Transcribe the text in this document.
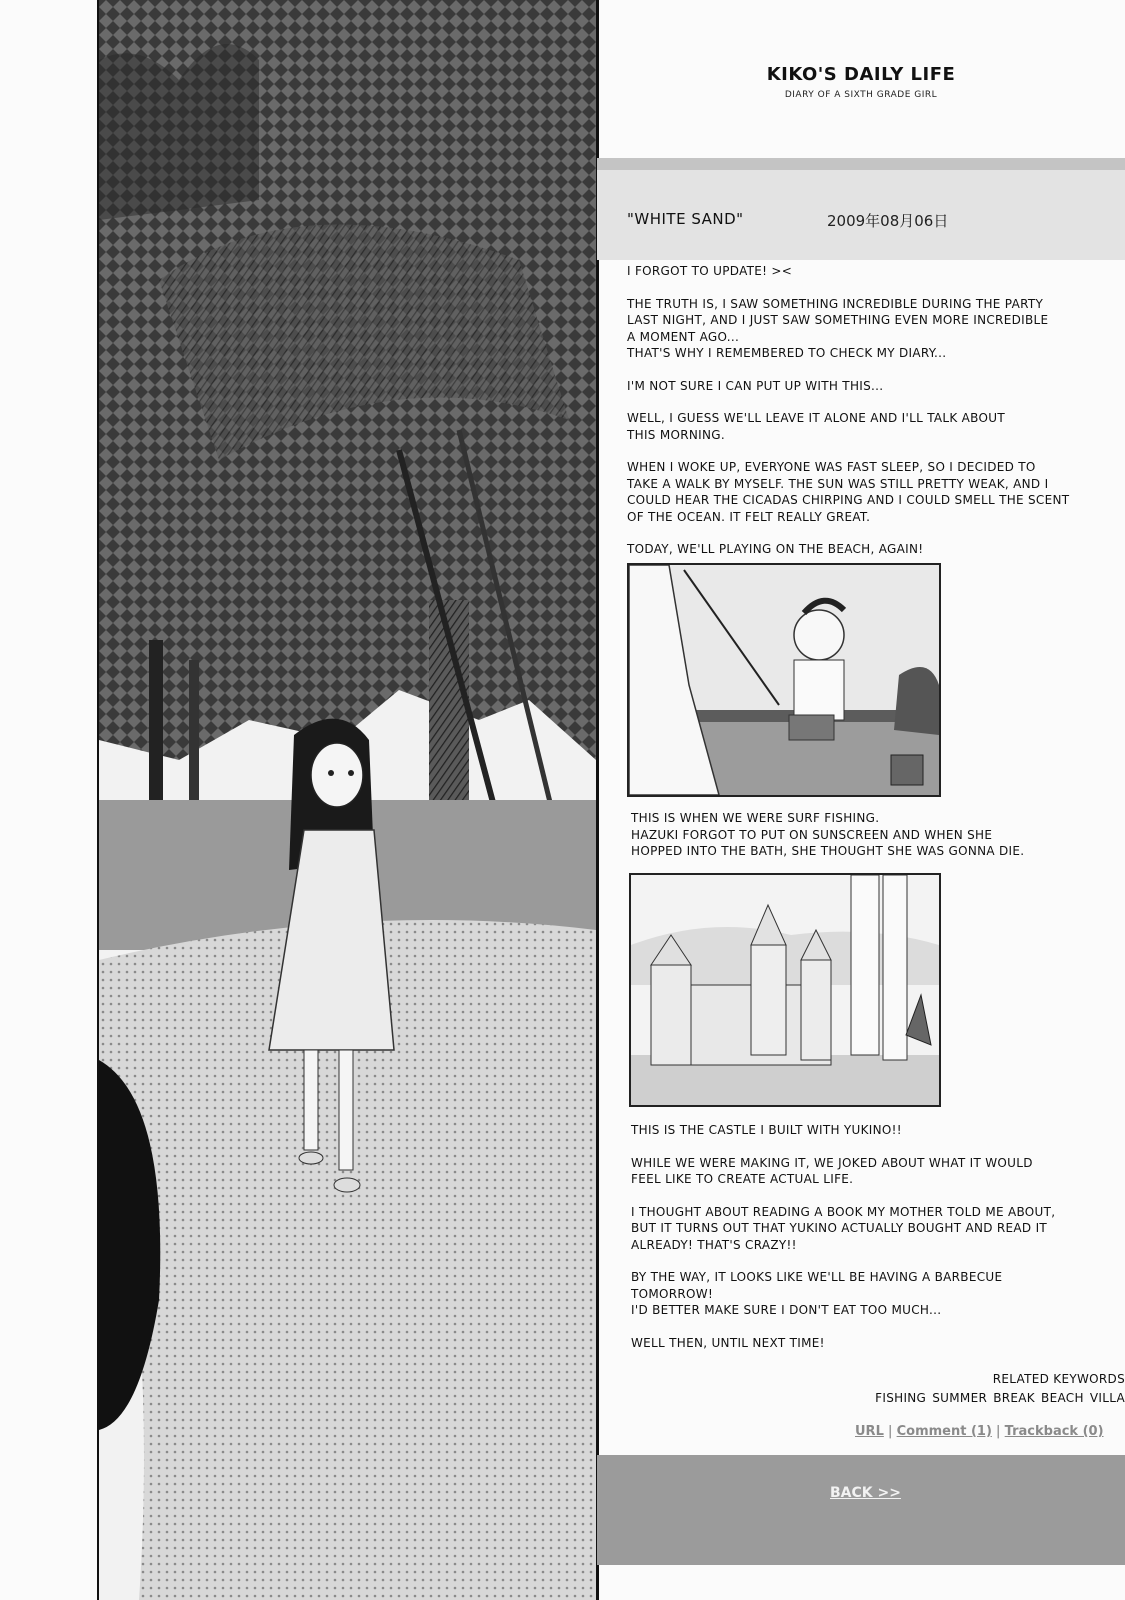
KIKO'S DAILY LIFE
DIARY OF A SIXTH GRADE GIRL
"WHITE SAND"	2009年08月06日

I FORGOT TO UPDATE! ><

THE TRUTH IS, I SAW SOMETHING INCREDIBLE DURING THE PARTY
LAST NIGHT, AND I JUST SAW SOMETHING EVEN MORE INCREDIBLE
A MOMENT AGO...
THAT'S WHY I REMEMBERED TO CHECK MY DIARY...

I'M NOT SURE I CAN PUT UP WITH THIS...

WELL, I GUESS WE'LL LEAVE IT ALONE AND I'LL TALK ABOUT
THIS MORNING.

WHEN I WOKE UP, EVERYONE WAS FAST SLEEP, SO I DECIDED TO
TAKE A WALK BY MYSELF. THE SUN WAS STILL PRETTY WEAK, AND I
COULD HEAR THE CICADAS CHIRPING AND I COULD SMELL THE SCENT
OF THE OCEAN. IT FELT REALLY GREAT.

TODAY, WE'LL PLAYING ON THE BEACH, AGAIN!

THIS IS WHEN WE WERE SURF FISHING.
HAZUKI FORGOT TO PUT ON SUNSCREEN AND WHEN SHE
HOPPED INTO THE BATH, SHE THOUGHT SHE WAS GONNA DIE.

THIS IS THE CASTLE I BUILT WITH YUKINO!!

WHILE WE WERE MAKING IT, WE JOKED ABOUT WHAT IT WOULD
FEEL LIKE TO CREATE ACTUAL LIFE.

I THOUGHT ABOUT READING A BOOK MY MOTHER TOLD ME ABOUT,
BUT IT TURNS OUT THAT YUKINO ACTUALLY BOUGHT AND READ IT
ALREADY! THAT'S CRAZY!!

BY THE WAY, IT LOOKS LIKE WE'LL BE HAVING A BARBECUE
TOMORROW!
I'D BETTER MAKE SURE I DON'T EAT TOO MUCH...

WELL THEN, UNTIL NEXT TIME!

RELATED KEYWORDS
FISHING SUMMER BREAK BEACH VILLA
URL | Comment (1) | Trackback (0)
BACK >>
